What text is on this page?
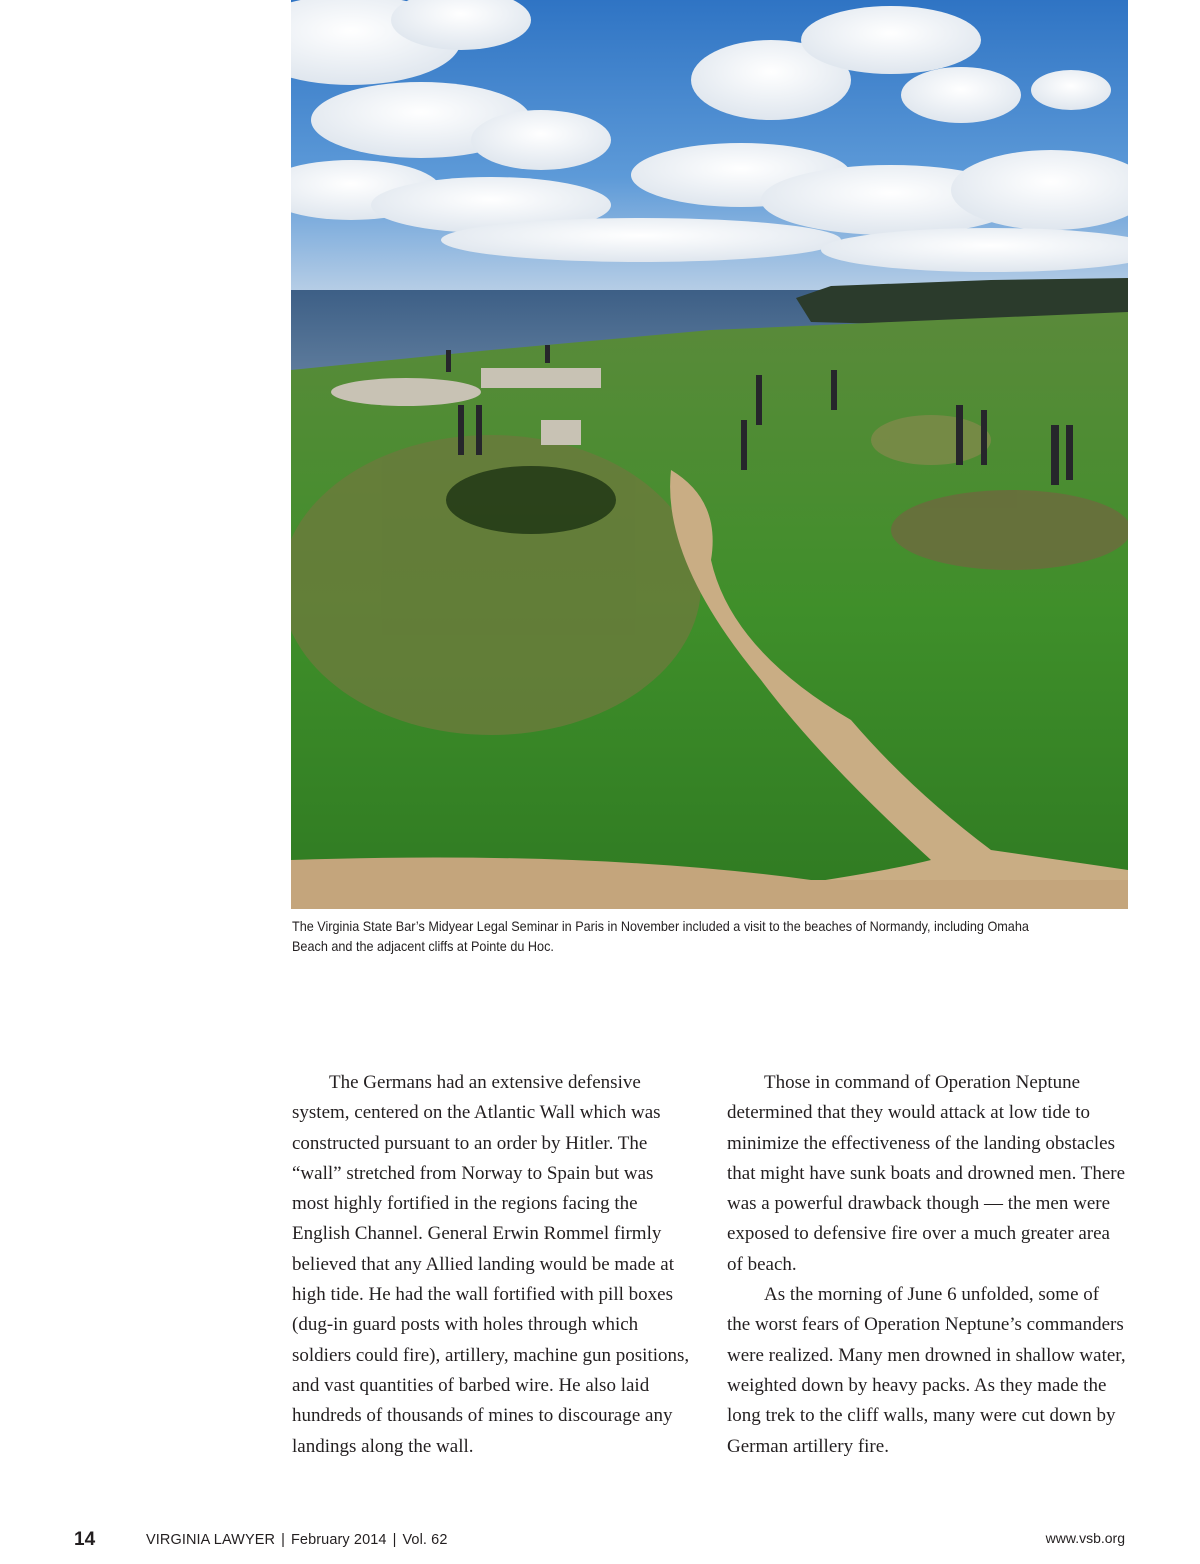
The Virginia State Bar’s Midyear Legal Seminar in Paris in November included a visit to the beaches of Normandy, including Omaha Beach and the adjacent cliffs at Pointe du Hoc.

The Germans had an extensive defensive system, centered on the Atlantic Wall which was constructed pursuant to an order by Hitler. The “wall” stretched from Norway to Spain but was most highly fortified in the regions facing the English Channel. General Erwin Rommel firmly believed that any Allied landing would be made at high tide. He had the wall fortified with pill boxes (dug-in guard posts with holes through which soldiers could fire), artillery, machine gun positions, and vast quantities of barbed wire. He also laid hundreds of thousands of mines to discourage any landings along the wall.

Those in command of Operation Neptune determined that they would attack at low tide to minimize the effectiveness of the landing obstacles that might have sunk boats and drowned men. There was a powerful drawback though — the men were exposed to defensive fire over a much greater area of beach.

As the morning of June 6 unfolded, some of the worst fears of Operation Neptune’s commanders were realized. Many men drowned in shallow water, weighted down by heavy packs. As they made the long trek to the cliff walls, many were cut down by German artillery fire.

14	VIRGINIA LAWYER | February 2014 | Vol. 62	www.vsb.org
